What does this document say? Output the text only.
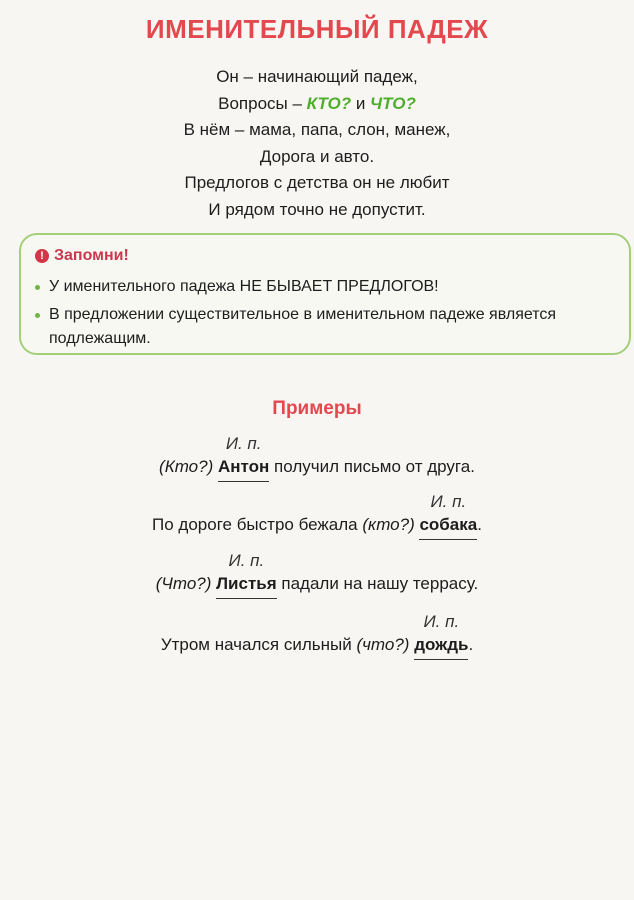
ИМЕНИТЕЛЬНЫЙ ПАДЕЖ
Он – начинающий падеж,
Вопросы – КТО? и ЧТО?
В нём – мама, папа, слон, манеж,
Дорога и авто.
Предлогов с детства он не любит
И рядом точно не допустит.
! Запомни!
У именительного падежа НЕ БЫВАЕТ ПРЕДЛОГОВ!
В предложении существительное в именительном падеже является подлежащим.
Примеры
(Кто?)
И. п.
Антон получил письмо от друга.
По дороге быстро бежала (кто?)
И. п.
собака.
(Что?)
И. п.
Листья падали на нашу террасу.
Утром начался сильный (что?)
И. п.
дождь.
